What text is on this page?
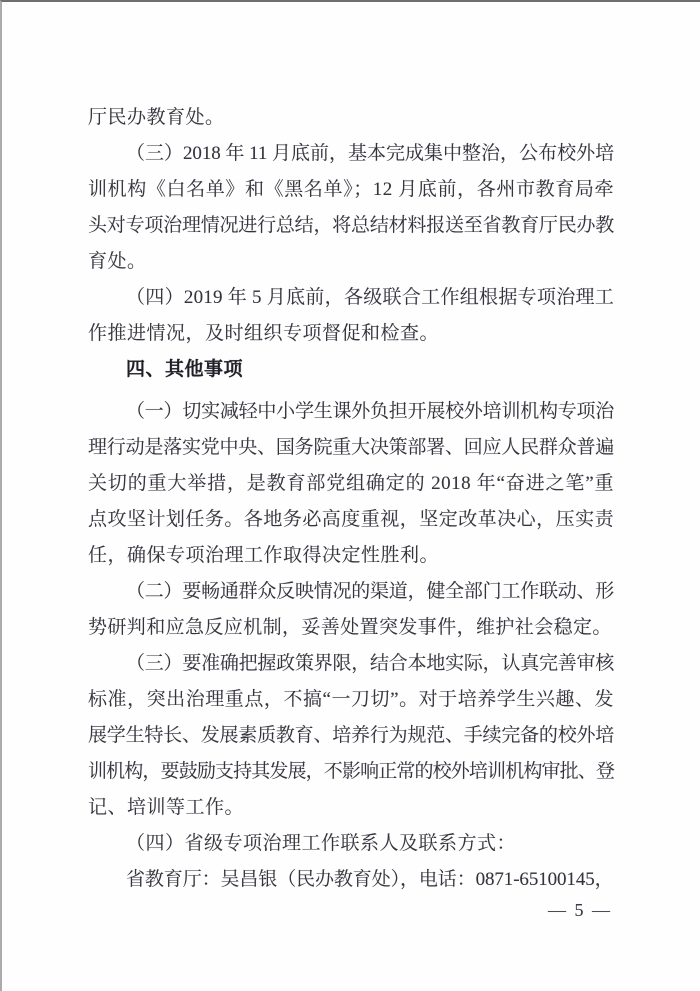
厅民办教育处。
（三）2018 年 11 月底前，基本完成集中整治，公布校外培
训机构《白名单》和《黑名单》；12 月底前，各州市教育局牵
头对专项治理情况进行总结，将总结材料报送至省教育厅民办教
育处。
（四）2019 年 5 月底前，各级联合工作组根据专项治理工
作推进情况，及时组织专项督促和检查。
四、其他事项
（一）切实减轻中小学生课外负担开展校外培训机构专项治
理行动是落实党中央、国务院重大决策部署、回应人民群众普遍
关切的重大举措，是教育部党组确定的 2018 年“奋进之笔”重
点攻坚计划任务。各地务必高度重视，坚定改革决心，压实责
任，确保专项治理工作取得决定性胜利。
（二）要畅通群众反映情况的渠道，健全部门工作联动、形
势研判和应急反应机制，妥善处置突发事件，维护社会稳定。
（三）要准确把握政策界限，结合本地实际，认真完善审核
标准，突出治理重点，不搞“一刀切”。对于培养学生兴趣、发
展学生特长、发展素质教育、培养行为规范、手续完备的校外培
训机构，要鼓励支持其发展，不影响正常的校外培训机构审批、登
记、培训等工作。
（四）省级专项治理工作联系人及联系方式：
省教育厅：吴昌银（民办教育处），电话：0871-65100145，
— 5 —
